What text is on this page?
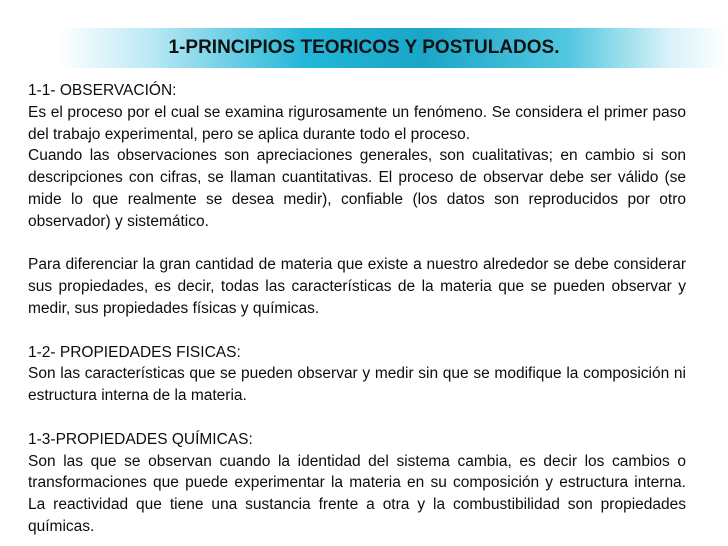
1-PRINCIPIOS TEORICOS Y POSTULADOS.

1-1- OBSERVACIÓN:

Es el proceso por el cual se examina rigurosamente un fenómeno. Se considera el primer paso del trabajo experimental, pero se aplica durante todo el proceso.

Cuando las observaciones son apreciaciones generales, son cualitativas; en cambio si son descripciones con cifras, se llaman cuantitativas. El proceso de observar debe ser válido (se mide lo que realmente se desea medir), confiable (los datos son reproducidos por otro observador) y sistemático.

Para diferenciar la gran cantidad de materia que existe a nuestro alrededor se debe considerar sus propiedades, es decir, todas las características de la materia que se pueden observar y medir, sus propiedades físicas y químicas.

1-2- PROPIEDADES FISICAS:

Son las características que se pueden observar y medir sin que se modifique la composición ni estructura interna de la materia.

1-3-PROPIEDADES QUÍMICAS:

Son las que se observan cuando la identidad del sistema cambia, es decir los cambios o transformaciones que puede experimentar la materia en su composición y estructura interna. La reactividad que tiene una sustancia frente a otra y la combustibilidad son propiedades químicas.
